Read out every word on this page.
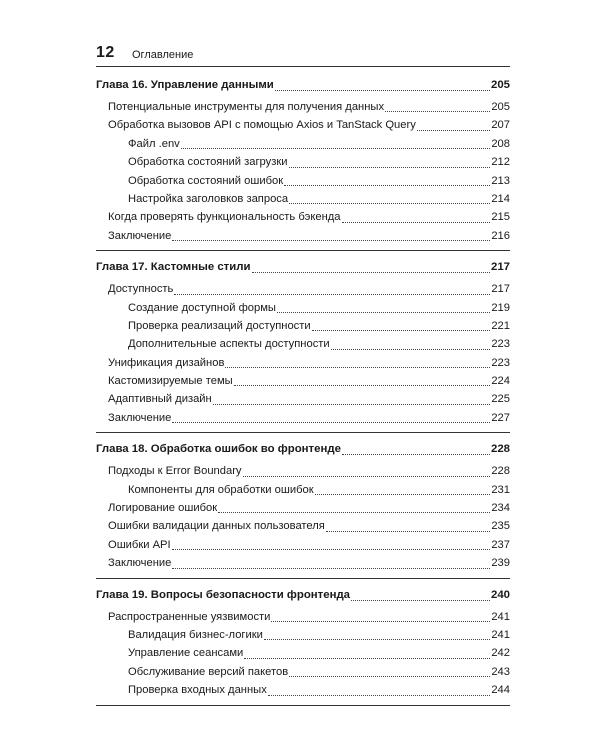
12 Оглавление
Глава 16. Управление данными	205
Потенциальные инструменты для получения данных	205
Обработка вызовов API с помощью Axios и TanStack Query	207
Файл .env	208
Обработка состояний загрузки	212
Обработка состояний ошибок	213
Настройка заголовков запроса	214
Когда проверять функциональность бэкенда	215
Заключение	216
Глава 17. Кастомные стили	217
Доступность	217
Создание доступной формы	219
Проверка реализаций доступности	221
Дополнительные аспекты доступности	223
Унификация дизайнов	223
Кастомизируемые темы	224
Адаптивный дизайн	225
Заключение	227
Глава 18. Обработка ошибок во фронтенде	228
Подходы к Error Boundary	228
Компоненты для обработки ошибок	231
Логирование ошибок	234
Ошибки валидации данных пользователя	235
Ошибки API	237
Заключение	239
Глава 19. Вопросы безопасности фронтенда	240
Распространенные уязвимости	241
Валидация бизнес-логики	241
Управление сеансами	242
Обслуживание версий пакетов	243
Проверка входных данных	244
